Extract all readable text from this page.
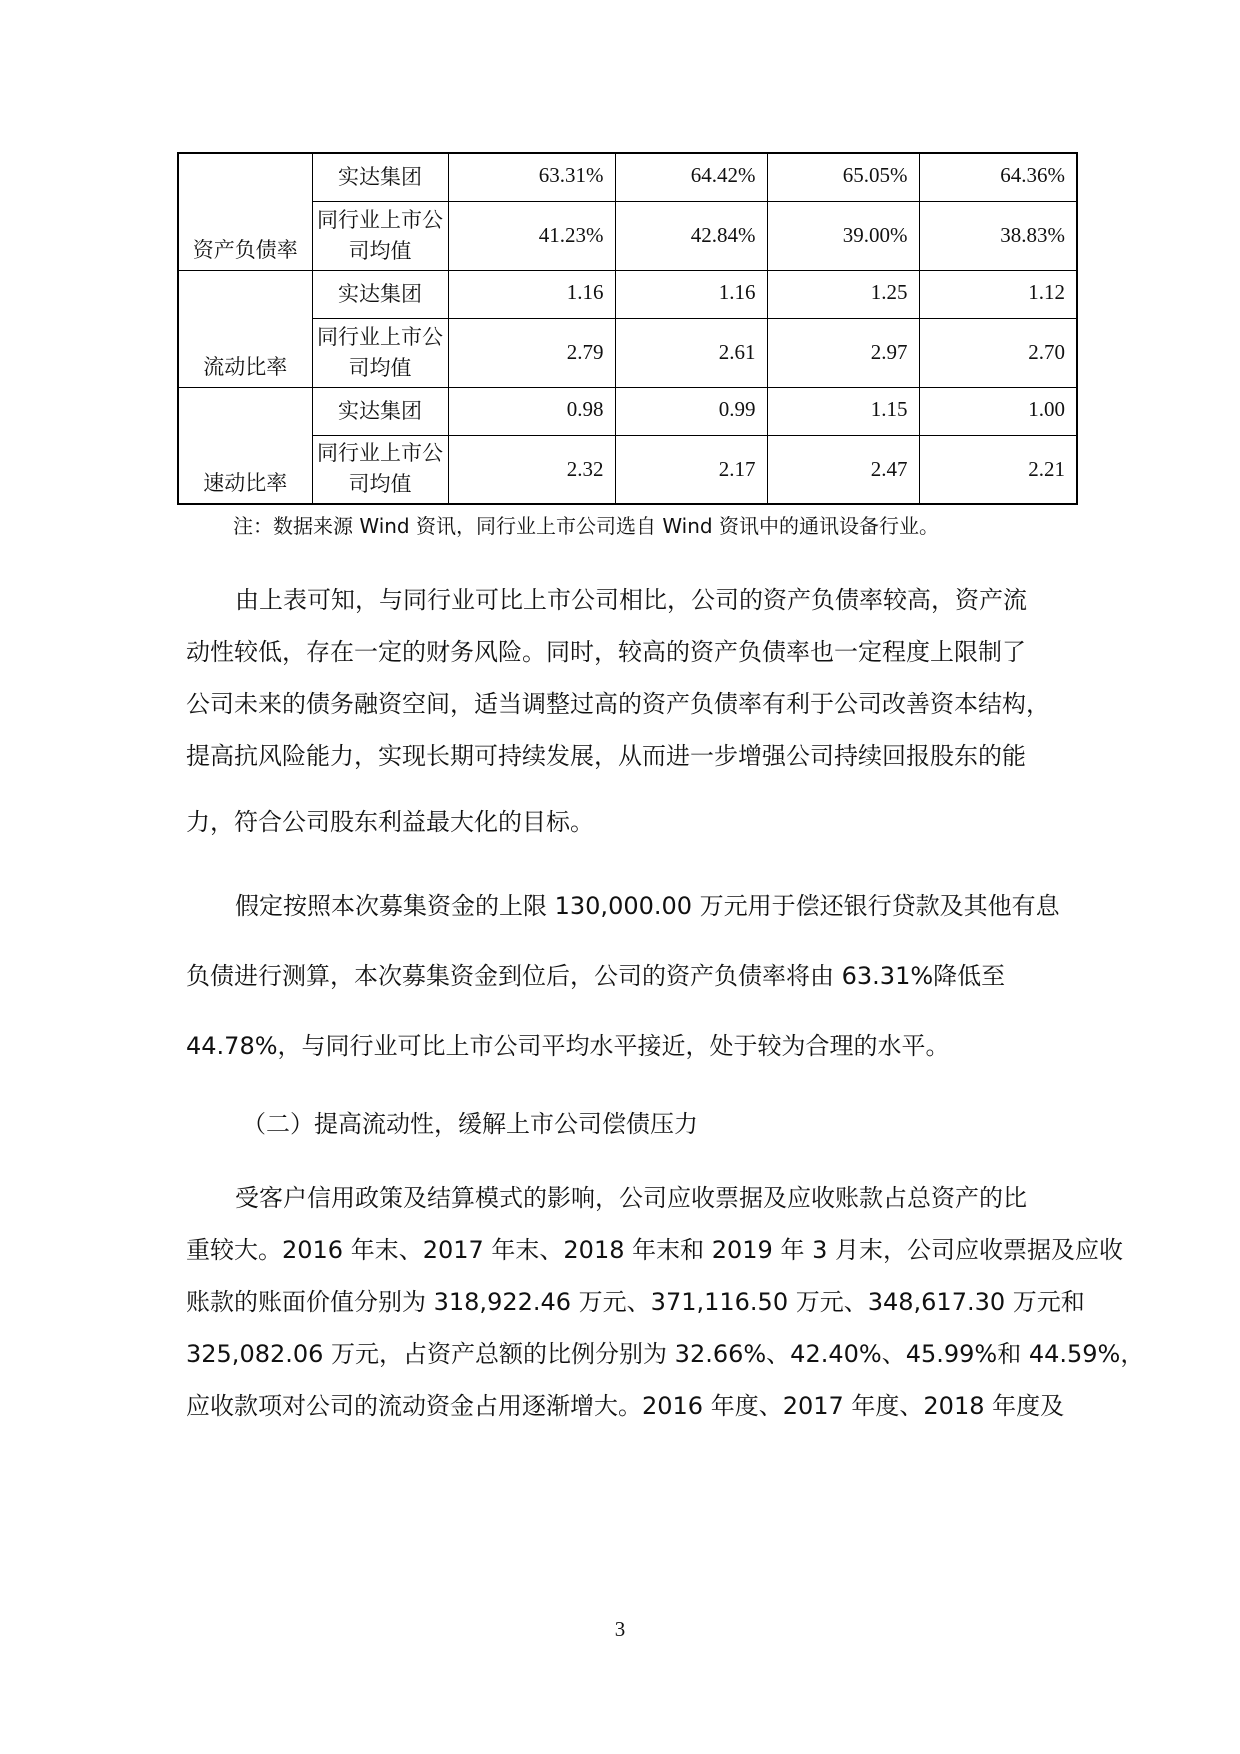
资产负债率	实达集团	63.31%	64.42%	65.05%	64.36%
	同行业上市公司均值	41.23%	42.84%	39.00%	38.83%
流动比率	实达集团	1.16	1.16	1.25	1.12
	同行业上市公司均值	2.79	2.61	2.97	2.70
速动比率	实达集团	0.98	0.99	1.15	1.00
	同行业上市公司均值	2.32	2.17	2.47	2.21
注：数据来源 Wind 资讯，同行业上市公司选自 Wind 资讯中的通讯设备行业。
由上表可知，与同行业可比上市公司相比，公司的资产负债率较高，资产流
动性较低，存在一定的财务风险。同时，较高的资产负债率也一定程度上限制了
公司未来的债务融资空间，适当调整过高的资产负债率有利于公司改善资本结构，
提高抗风险能力，实现长期可持续发展，从而进一步增强公司持续回报股东的能
力，符合公司股东利益最大化的目标。
假定按照本次募集资金的上限 130,000.00 万元用于偿还银行贷款及其他有息
负债进行测算，本次募集资金到位后，公司的资产负债率将由 63.31%降低至
44.78%，与同行业可比上市公司平均水平接近，处于较为合理的水平。
（二）提高流动性，缓解上市公司偿债压力
受客户信用政策及结算模式的影响，公司应收票据及应收账款占总资产的比
重较大。2016 年末、2017 年末、2018 年末和 2019 年 3 月末，公司应收票据及应收
账款的账面价值分别为 318,922.46 万元、371,116.50 万元、348,617.30 万元和
325,082.06 万元，占资产总额的比例分别为 32.66%、42.40%、45.99%和 44.59%，
应收款项对公司的流动资金占用逐渐增大。2016 年度、2017 年度、2018 年度及
3
